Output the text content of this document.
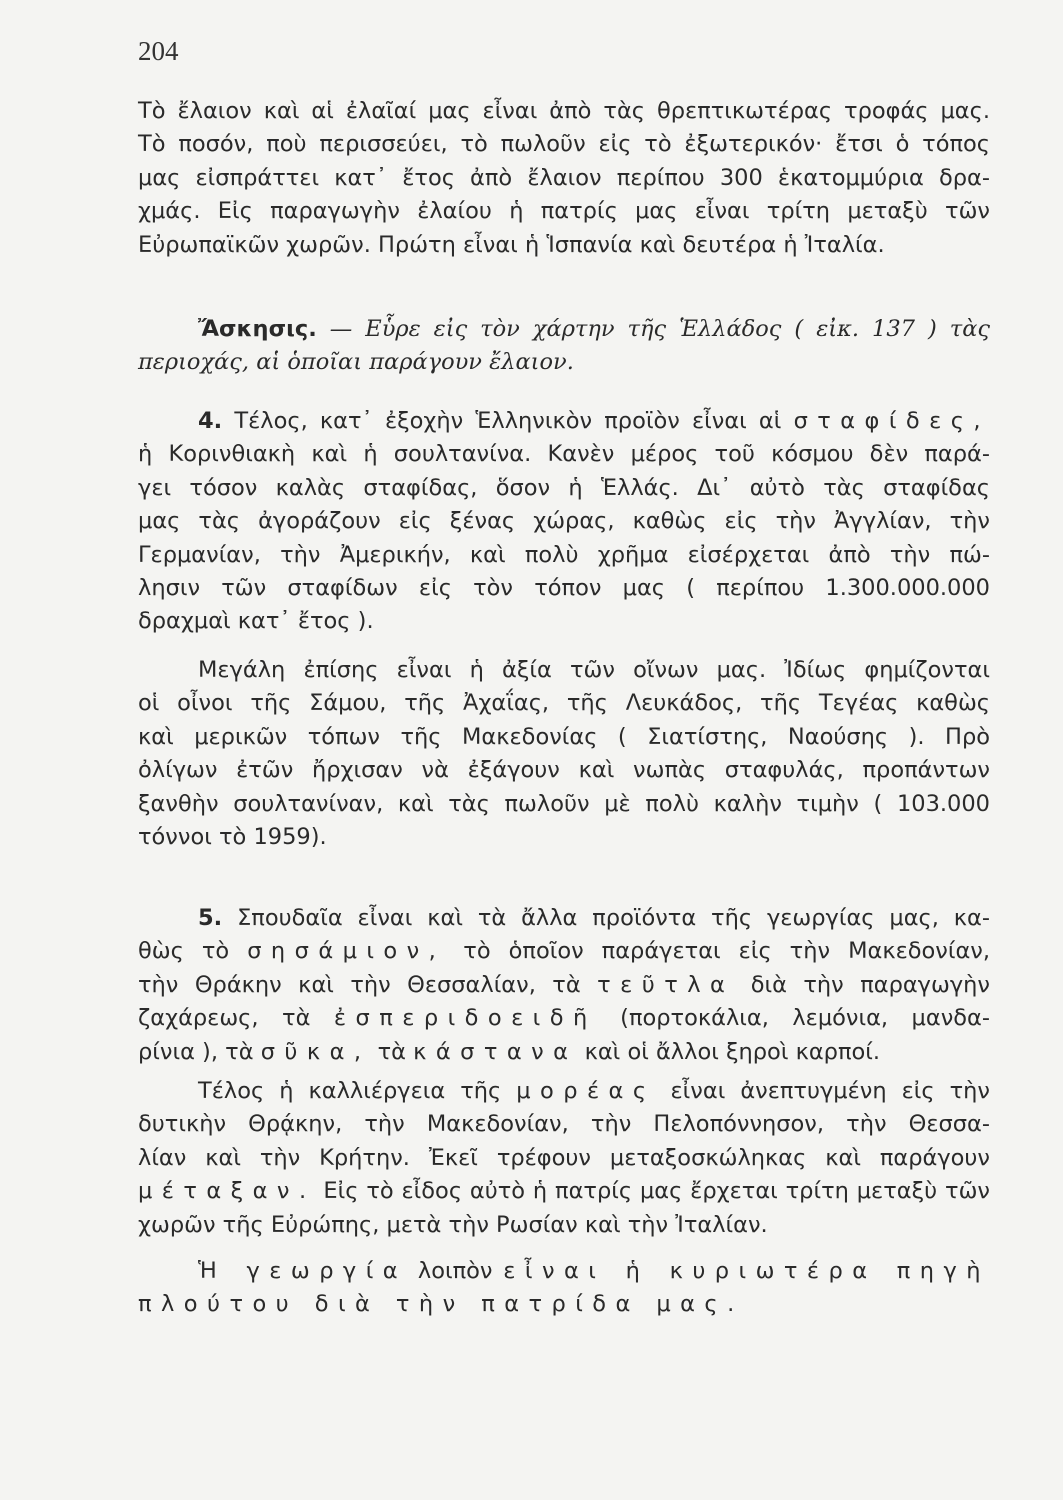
204
Τὸ ἔλαιον καὶ αἱ ἐλαῖαί μας εἶναι ἀπὸ τὰς θρεπτικωτέρας τροφάς μας.
Τὸ ποσόν, ποὺ περισσεύει, τὸ πωλοῦν εἰς τὸ ἐξωτερικόν· ἔτσι ὁ τόπος
μας εἰσπράττει κατ᾽ ἔτος ἀπὸ ἔλαιον περίπου 300 ἑκατομμύρια δρα-
χμάς. Εἰς παραγωγὴν ἐλαίου ἡ πατρίς μας εἶναι τρίτη μεταξὺ τῶν
Εὐρωπαϊκῶν χωρῶν. Πρώτη εἶναι ἡ Ἱσπανία καὶ δευτέρα ἡ Ἰταλία.
Ἄσκησις. — Εὗρε εἰς τὸν χάρτην τῆς Ἑλλάδος ( εἰκ. 137 ) τὰς
περιοχάς, αἱ ὁποῖαι παράγουν ἔλαιον.
4. Τέλος, κατ᾽ ἐξοχὴν Ἑλληνικὸν προϊὸν εἶναι αἱ σταφίδες,
ἡ Κορινθιακὴ καὶ ἡ σουλτανίνα. Κανὲν μέρος τοῦ κόσμου δὲν παρά-
γει τόσον καλὰς σταφίδας, ὅσον ἡ Ἑλλάς. Δι᾽ αὐτὸ τὰς σταφίδας
μας τὰς ἀγοράζουν εἰς ξένας χώρας, καθὼς εἰς τὴν Ἀγγλίαν, τὴν
Γερμανίαν, τὴν Ἀμερικήν, καὶ πολὺ χρῆμα εἰσέρχεται ἀπὸ τὴν πώ-
λησιν τῶν σταφίδων εἰς τὸν τόπον μας ( περίπου 1.300.000.000
δραχμαὶ κατ᾽ ἔτος ).
Μεγάλη ἐπίσης εἶναι ἡ ἀξία τῶν οἴνων μας. Ἰδίως φημίζονται
οἱ οἶνοι τῆς Σάμου, τῆς Ἀχαΐας, τῆς Λευκάδος, τῆς Τεγέας καθὼς
καὶ μερικῶν τόπων τῆς Μακεδονίας ( Σιατίστης, Ναούσης ). Πρὸ
ὀλίγων ἐτῶν ἤρχισαν νὰ ἐξάγουν καὶ νωπὰς σταφυλάς, προπάντων
ξανθὴν σουλτανίναν, καὶ τὰς πωλοῦν μὲ πολὺ καλὴν τιμὴν ( 103.000
τόννοι τὸ 1959).
5. Σπουδαῖα εἶναι καὶ τὰ ἄλλα προϊόντα τῆς γεωργίας μας, κα-
θὼς τὸ σησάμιον, τὸ ὁποῖον παράγεται εἰς τὴν Μακεδονίαν,
τὴν Θράκην καὶ τὴν Θεσσαλίαν, τὰ τεῦτλα διὰ τὴν παραγωγὴν
ζαχάρεως, τὰ ἐσπεριδοειδῆ (πορτοκάλια, λεμόνια, μανδα-
ρίνια ), τὰ σῦκα, τὰ κάστανα καὶ οἱ ἄλλοι ξηροὶ καρποί.
Τέλος ἡ καλλιέργεια τῆς μορέας εἶναι ἀνεπτυγμένη εἰς τὴν
δυτικὴν Θρᾴκην, τὴν Μακεδονίαν, τὴν Πελοπόννησον, τὴν Θεσσα-
λίαν καὶ τὴν Κρήτην. Ἐκεῖ τρέφουν μεταξοσκώληκας καὶ παράγουν
μέταξαν. Εἰς τὸ εἶδος αὐτὸ ἡ πατρίς μας ἔρχεται τρίτη μεταξὺ τῶν
χωρῶν τῆς Εὐρώπης, μετὰ τὴν Ρωσίαν καὶ τὴν Ἰταλίαν.
Ἡ γεωργία λοιπὸν εἶναι ἡ κυριωτέρα πηγὴ
πλούτου διὰ τὴν πατρίδα μας.
